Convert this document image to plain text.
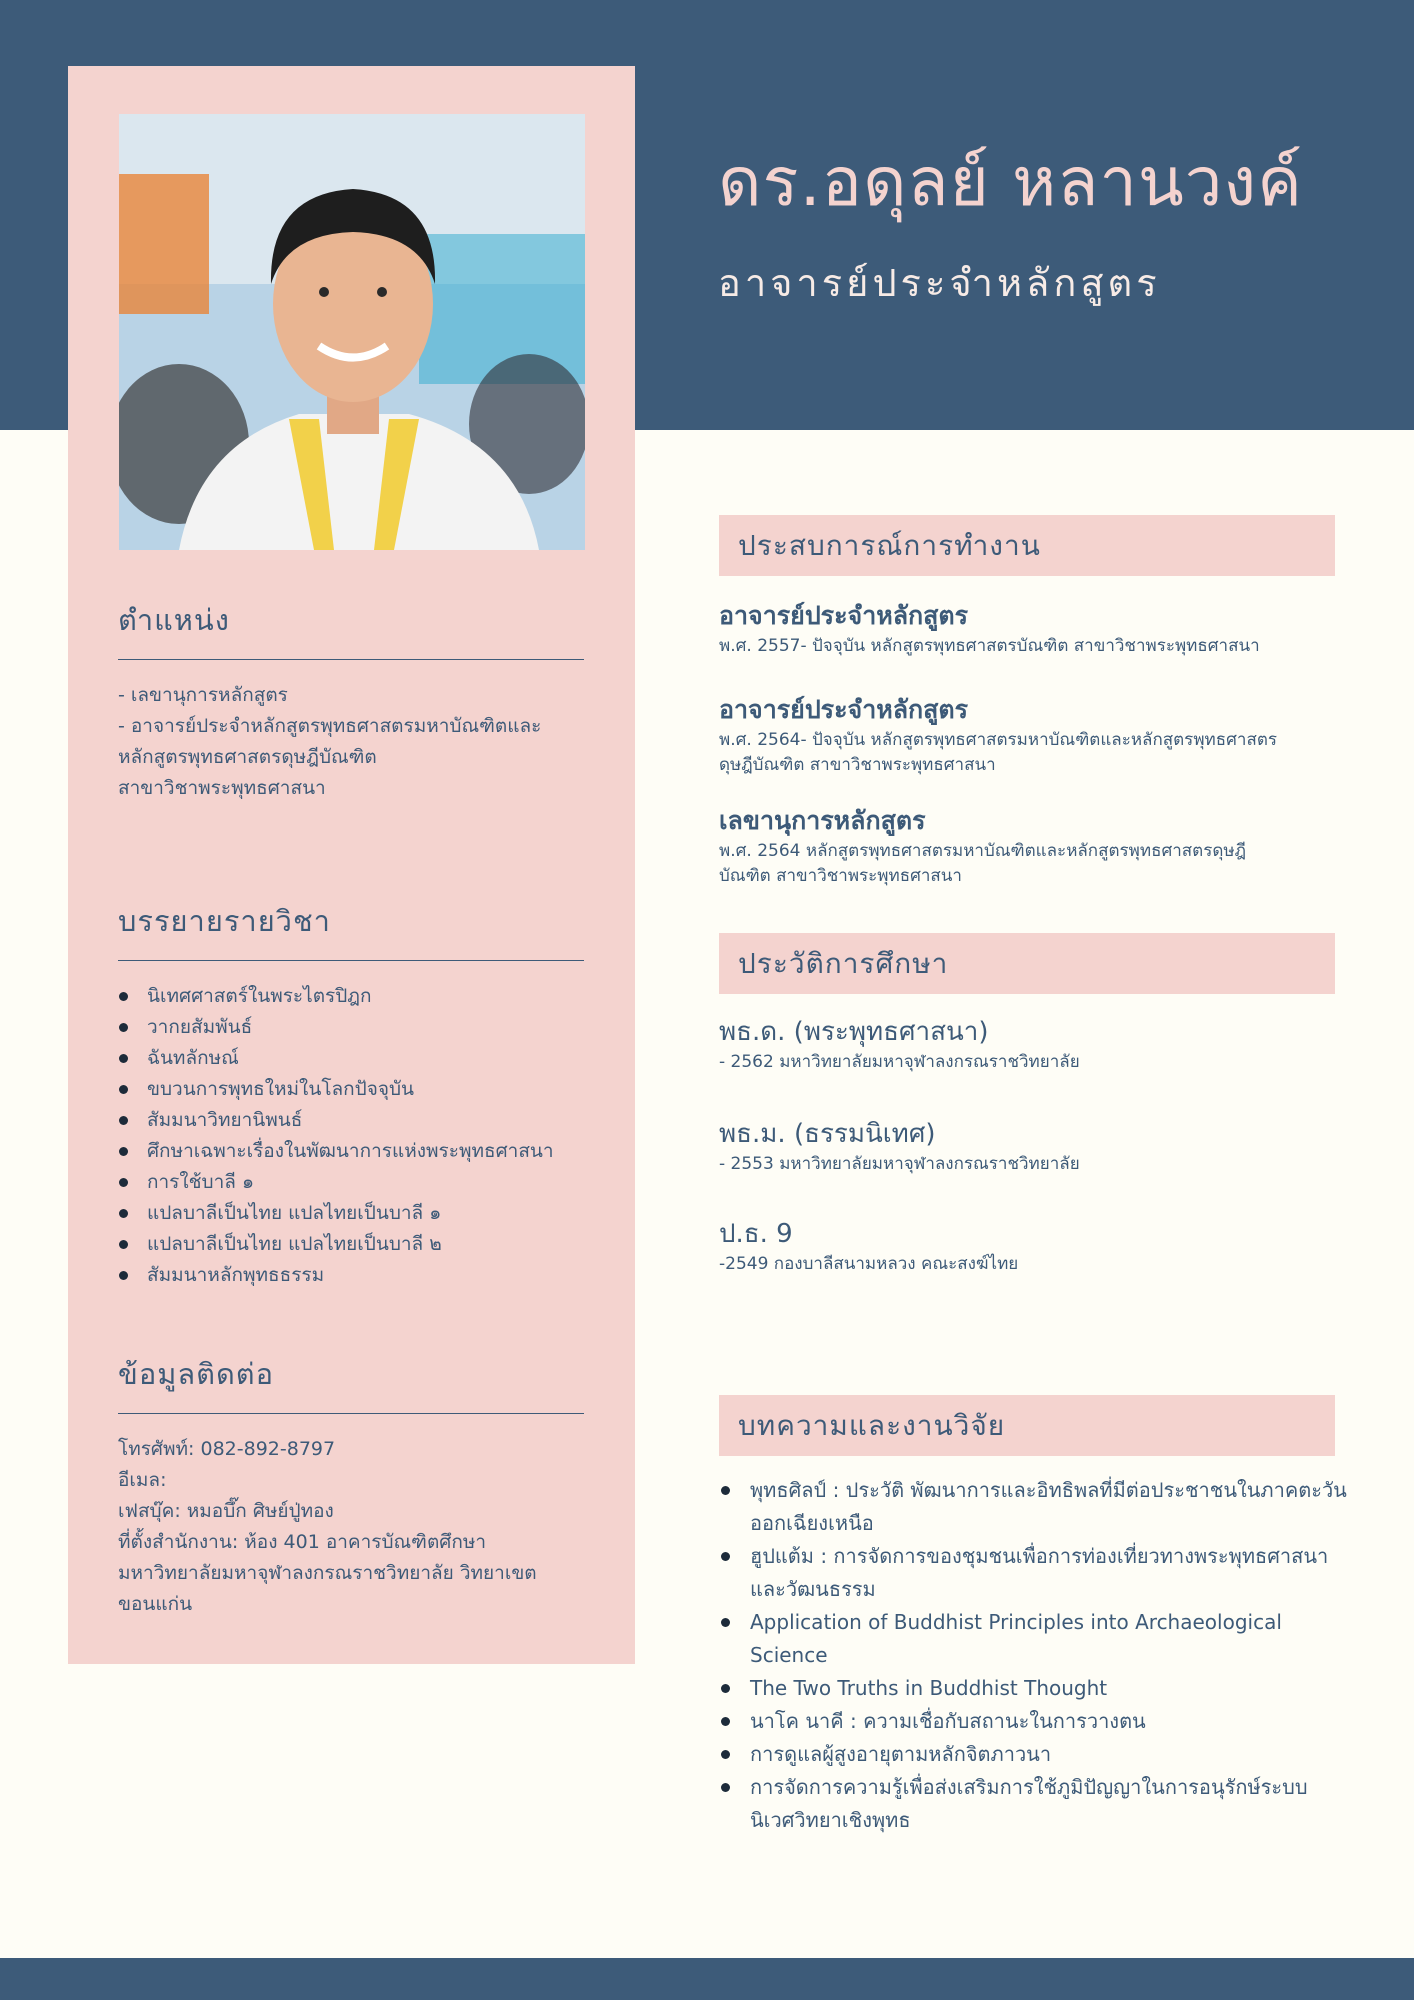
ตำแหน่ง

- เลขานุการหลักสูตร

- อาจารย์ประจำหลักสูตรพุทธศาสตรมหาบัณฑิตและหลักสูตรพุทธศาสตรดุษฎีบัณฑิต

สาขาวิชาพระพุทธศาสนา

บรรยายรายวิชา
นิเทศศาสตร์ในพระไตรปิฎก
วากยสัมพันธ์
ฉันทลักษณ์
ขบวนการพุทธใหม่ในโลกปัจจุบัน
สัมมนาวิทยานิพนธ์
ศึกษาเฉพาะเรื่องในพัฒนาการแห่งพระพุทธศาสนา
การใช้บาลี ๑
แปลบาลีเป็นไทย แปลไทยเป็นบาลี ๑
แปลบาลีเป็นไทย แปลไทยเป็นบาลี ๒
สัมมนาหลักพุทธธรรม
ข้อมูลติดต่อ

โทรศัพท์: 082-892-8797

อีเมล:

เฟสบุ๊ค: หมอบึ๊ก ศิษย์ปู่ทอง

ที่ตั้งสำนักงาน: ห้อง 401 อาคารบัณฑิตศึกษา มหาวิทยาลัยมหาจุฬาลงกรณราชวิทยาลัย วิทยาเขตขอนแก่น

ดร.อดุลย์ หลานวงค์
อาจารย์ประจำหลักสูตร
ประสบการณ์การทำงาน
อาจารย์ประจำหลักสูตร

พ.ศ. 2557- ปัจจุบัน หลักสูตรพุทธศาสตรบัณฑิต สาขาวิชาพระพุทธศาสนา

อาจารย์ประจำหลักสูตร

พ.ศ. 2564- ปัจจุบัน หลักสูตรพุทธศาสตรมหาบัณฑิตและหลักสูตรพุทธศาสตรดุษฎีบัณฑิต สาขาวิชาพระพุทธศาสนา

เลขานุการหลักสูตร

พ.ศ. 2564 หลักสูตรพุทธศาสตรมหาบัณฑิตและหลักสูตรพุทธศาสตรดุษฎีบัณฑิต สาขาวิชาพระพุทธศาสนา

ประวัติการศึกษา
พธ.ด. (พระพุทธศาสนา)

- 2562 มหาวิทยาลัยมหาจุฬาลงกรณราชวิทยาลัย

พธ.ม. (ธรรมนิเทศ)

- 2553 มหาวิทยาลัยมหาจุฬาลงกรณราชวิทยาลัย

ป.ธ. 9

-2549 กองบาลีสนามหลวง คณะสงฆ์ไทย

บทความและงานวิจัย
พุทธศิลป์ : ประวัติ พัฒนาการและอิทธิพลที่มีต่อประชาชนในภาคตะวันออกเฉียงเหนือ
ฮูปแต้ม : การจัดการของชุมชนเพื่อการท่องเที่ยวทางพระพุทธศาสนาและวัฒนธรรม
Application of Buddhist Principles into Archaeological Science
The Two Truths in Buddhist Thought
นาโค นาคี : ความเชื่อกับสถานะในการวางตน
การดูแลผู้สูงอายุตามหลักจิตภาวนา
การจัดการความรู้เพื่อส่งเสริมการใช้ภูมิปัญญาในการอนุรักษ์ระบบนิเวศวิทยาเชิงพุทธ
